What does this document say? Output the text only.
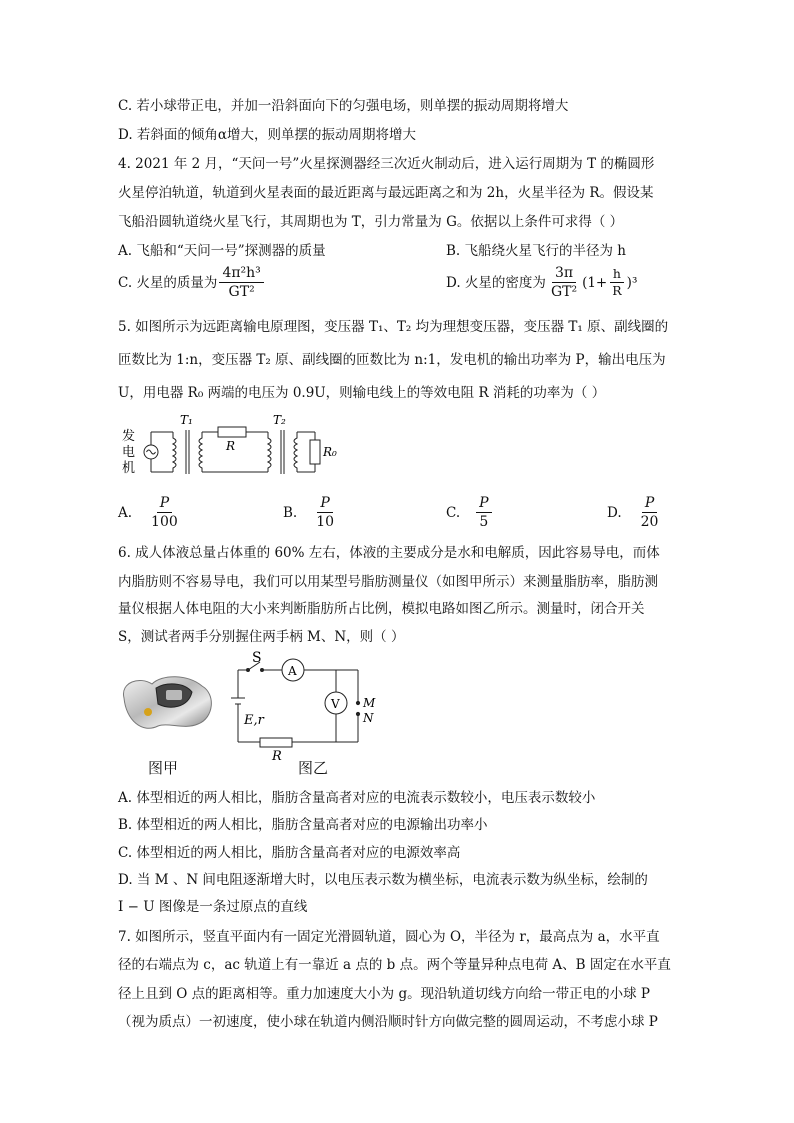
C. 若小球带正电，并加一沿斜面向下的匀强电场，则单摆的振动周期将增大
D. 若斜面的倾角α增大，则单摆的振动周期将增大
4. 2021 年 2 月，“天问一号”火星探测器经三次近火制动后，进入运行周期为 T 的椭圆形
火星停泊轨道，轨道到火星表面的最近距离与最远距离之和为 2h，火星半径为 R。假设某
飞船沿圆轨道绕火星飞行，其周期也为 T，引力常量为 G。依据以上条件可求得（ ）
A. 飞船和“天问一号”探测器的质量	B. 飞船绕火星飞行的半径为 h
C. 火星的质量为 $\frac{\text{4π²h³}}{\text{GT²}}$	D. 火星的密度为 $\frac{3\pi}{\text{GT²}} (1+ \frac{h}{R} )^3$
5. 如图所示为远距离输电原理图，变压器 T₁、T₂ 均为理想变压器，变压器 T₁ 原、副线圈的
匝数比为 1:n，变压器 T₂ 原、副线圈的匝数比为 n:1，发电机的输出功率为 P，输出电压为
U，用电器 R₀ 两端的电压为 0.9U，则输电线上的等效电阻 R 消耗的功率为（ ）
发
电
机
T₁
R
T₂
R₀
A. $\frac{P}{100}$	B. $\frac{P}{10}$	C. $\frac{P}{5}$	D. $\frac{P}{20}$
6. 成人体液总量占体重的 60% 左右，体液的主要成分是水和电解质，因此容易导电，而体
内脂肪则不容易导电，我们可以用某型号脂肪测量仪（如图甲所示）来测量脂肪率，脂肪测
量仪根据人体电阻的大小来判断脂肪所占比例，模拟电路如图乙所示。测量时，闭合开关
S，测试者两手分别握住两手柄 M、N，则（ ）
S
A
V
E,r
R
M
N
图甲	图乙
A. 体型相近的两人相比，脂肪含量高者对应的电流表示数较小，电压表示数较小
B. 体型相近的两人相比，脂肪含量高者对应的电源输出功率小
C. 体型相近的两人相比，脂肪含量高者对应的电源效率高
D. 当 M 、N 间电阻逐渐增大时，以电压表示数为横坐标，电流表示数为纵坐标，绘制的
I − U 图像是一条过原点的直线
7. 如图所示，竖直平面内有一固定光滑圆轨道，圆心为 O，半径为 r，最高点为 a，水平直
径的右端点为 c，ac 轨道上有一靠近 a 点的 b 点。两个等量异种点电荷 A、B 固定在水平直
径上且到 O 点的距离相等。重力加速度大小为 g。现沿轨道切线方向给一带正电的小球 P
（视为质点）一初速度，使小球在轨道内侧沿顺时针方向做完整的圆周运动，不考虑小球 P
